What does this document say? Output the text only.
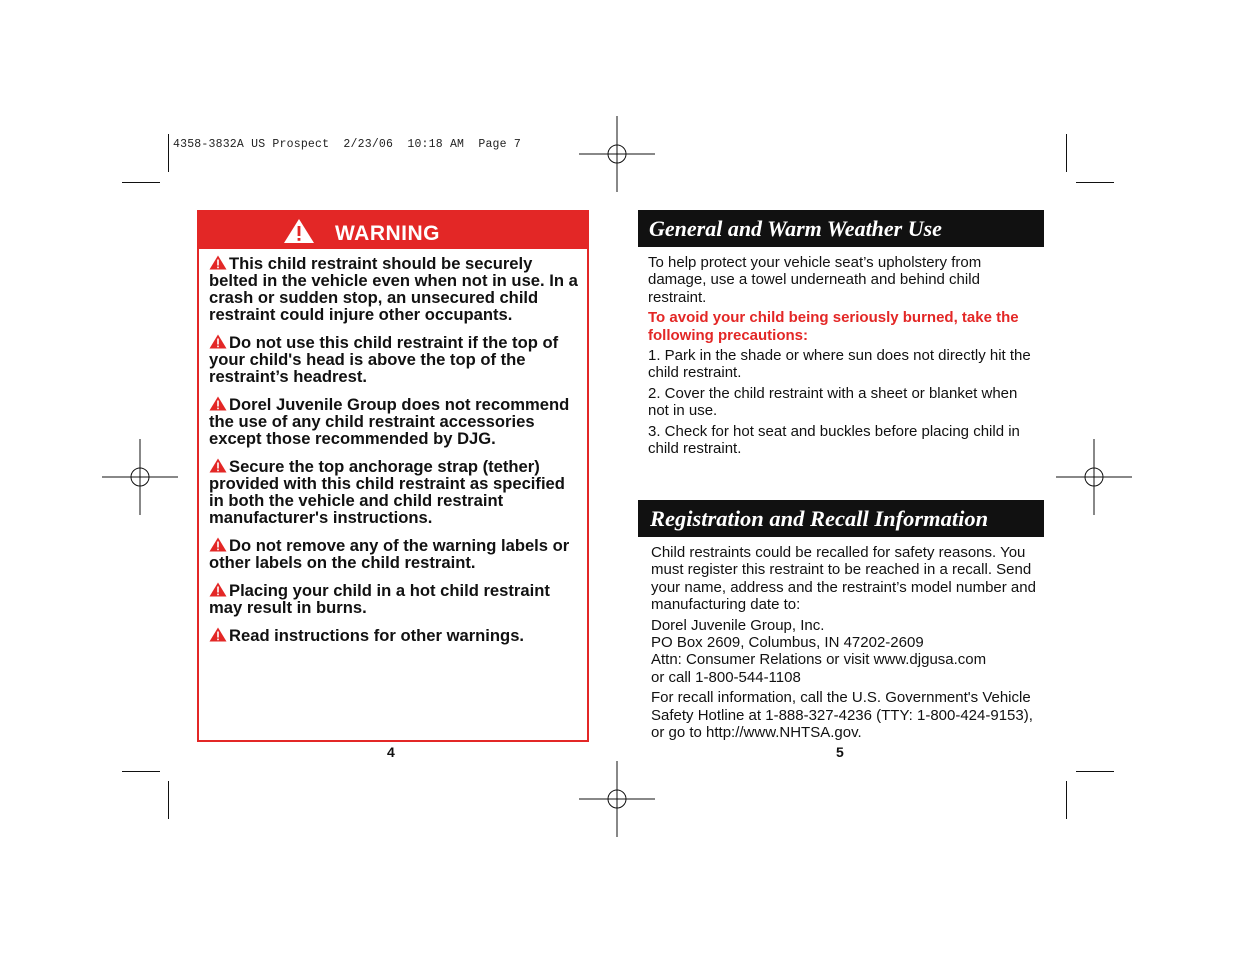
4358-3832A US Prospect  2/23/06  10:18 AM  Page 7
WARNING
This child restraint should be securely belted in the vehicle even when not in use. In a crash or sudden stop, an unsecured child restraint could injure other occupants.
Do not use this child restraint if the top of your child's head is above the top of the restraint’s headrest.
Dorel Juvenile Group does not recommend the use of any child restraint accessories except those recommended by DJG.
Secure the top anchorage strap (tether) provided with this child restraint as specified in both the vehicle and child restraint manufacturer's instructions.
Do not remove any of the warning labels or other labels on the child restraint.
Placing your child in a hot child restraint may result in burns.
Read instructions for other warnings.
General and Warm Weather Use

To help protect your vehicle seat’s upholstery from damage, use a towel underneath and behind child restraint.

To avoid your child being seriously burned, take the following precautions:

1. Park in the shade or where sun does not directly hit the child restraint.

2. Cover the child restraint with a sheet or blanket when not in use.

3. Check for hot seat and buckles before placing child in child restraint.

Registration and Recall Information

Child restraints could be recalled for safety reasons. You must register this restraint to be reached in a recall. Send your name, address and the restraint’s model number and manufacturing date to:

Dorel Juvenile Group, Inc.
PO Box 2609, Columbus, IN 47202-2609
Attn: Consumer Relations or visit www.djgusa.com
or call 1-800-544-1108

For recall information, call the U.S. Government's Vehicle Safety Hotline at 1-888-327-4236 (TTY: 1-800-424-9153), or go to http://www.NHTSA.gov.

4	5
